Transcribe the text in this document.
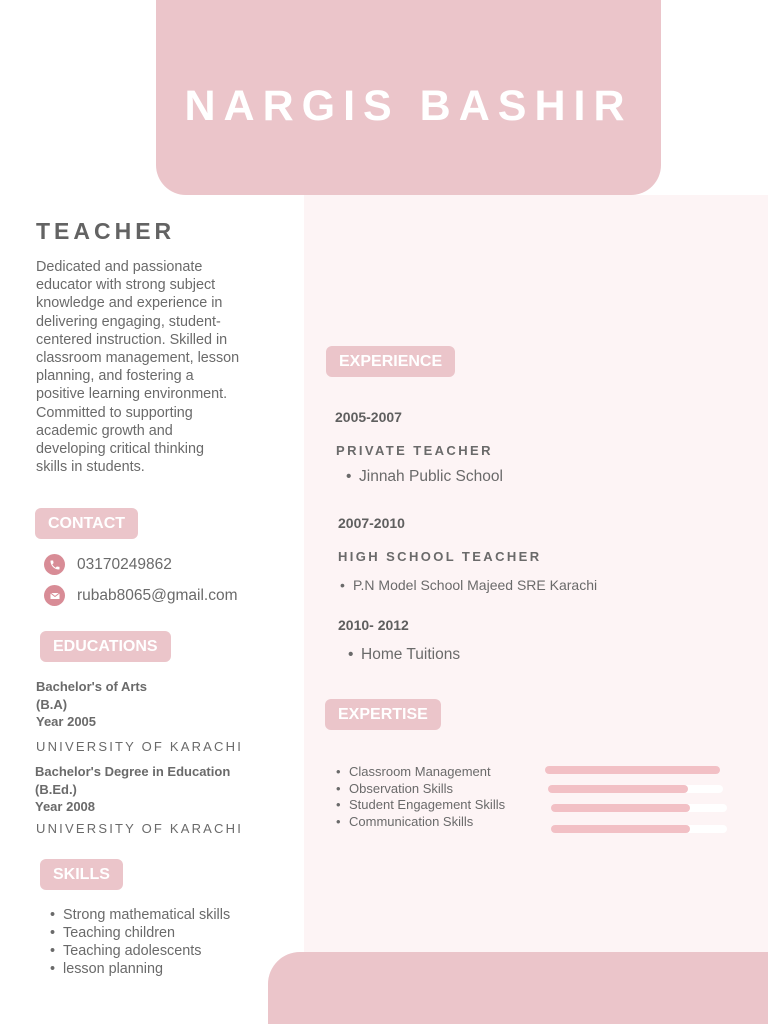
NARGIS BASHIR
TEACHER
Dedicated and passionate
educator with strong subject
knowledge and experience in
delivering engaging, student-
centered instruction. Skilled in
classroom management, lesson
planning, and fostering a
positive learning environment.
Committed to supporting
academic growth and
developing critical thinking
skills in students.
CONTACT
03170249862
rubab8065@gmail.com
EDUCATIONS
Bachelor's of Arts
(B.A)
Year 2005
UNIVERSITY OF KARACHI
Bachelor's Degree in Education
(B.Ed.)
Year 2008
UNIVERSITY OF KARACHI
SKILLS
• Strong mathematical skills
• Teaching children
• Teaching adolescents
• lesson planning
EXPERIENCE
2005-2007
PRIVATE TEACHER
• Jinnah Public School
2007-2010
HIGH SCHOOL TEACHER
• P.N Model School Majeed SRE Karachi
2010- 2012
• Home Tuitions
EXPERTISE
• Classroom Management
• Observation Skills
• Student Engagement Skills
• Communication Skills
